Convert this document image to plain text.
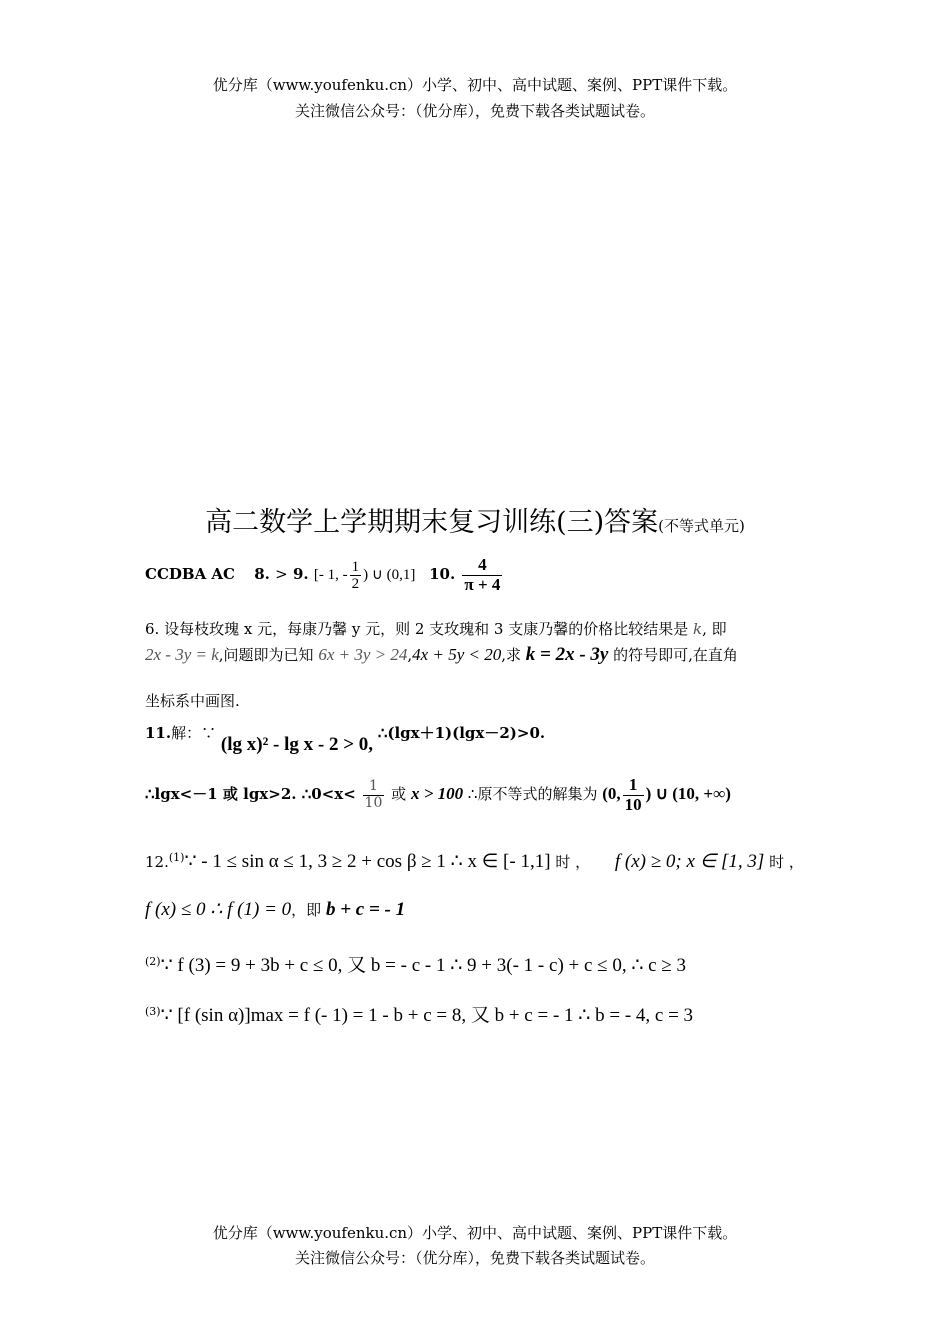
优分库（www.youfenku.cn）小学、初中、高中试题、案例、PPT课件下载。
关注微信公众号：（优分库），免费下载各类试题试卷。
高二数学上学期期末复习训练(三)答案(不等式单元)
CCDBA AC 8. > 9. [- 1, - $\frac{1}{2}$ ) ∪ (0,1] 10. $\frac{4}{\pi + 4}$
6. 设每枝玫瑰 x 元，每康乃馨 y 元，则 2 支玫瑰和 3 支康乃馨的价格比较结果是 k, 即
2x - 3y = k,问题即为已知 6x + 3y > 24,4x + 5y < 20,求 k = 2x - 3y 的符号即可,在直角
坐标系中画图.
11.解：∵ (lg x)² - lg x - 2 > 0, ∴(lgx＋1)(lgx－2)>0.
∴lgx<－1 或 lgx>2. ∴0<x< $\frac{1}{10}$ 或 x > 100 ∴原不等式的解集为 (0, $\frac{1}{10}$ ) ∪ (10, +∞)
12.$^{(1)}$∵ - 1 ≤ sin α ≤ 1, 3 ≥ 2 + cos β ≥ 1 ∴ x ∈ [- 1,1] 时 ， f (x) ≥ 0; x ∈ [1, 3] 时 ，
f (x) ≤ 0 ∴ f (1) = 0，即 b + c = - 1
$^{(2)}$∵ f (3) = 9 + 3b + c ≤ 0, 又 b = - c - 1 ∴ 9 + 3(- 1 - c) + c ≤ 0, ∴ c ≥ 3
$^{(3)}$∵ [f (sin α)]max = f (- 1) = 1 - b + c = 8, 又 b + c = - 1 ∴ b = - 4, c = 3
优分库（www.youfenku.cn）小学、初中、高中试题、案例、PPT课件下载。
关注微信公众号：（优分库），免费下载各类试题试卷。
